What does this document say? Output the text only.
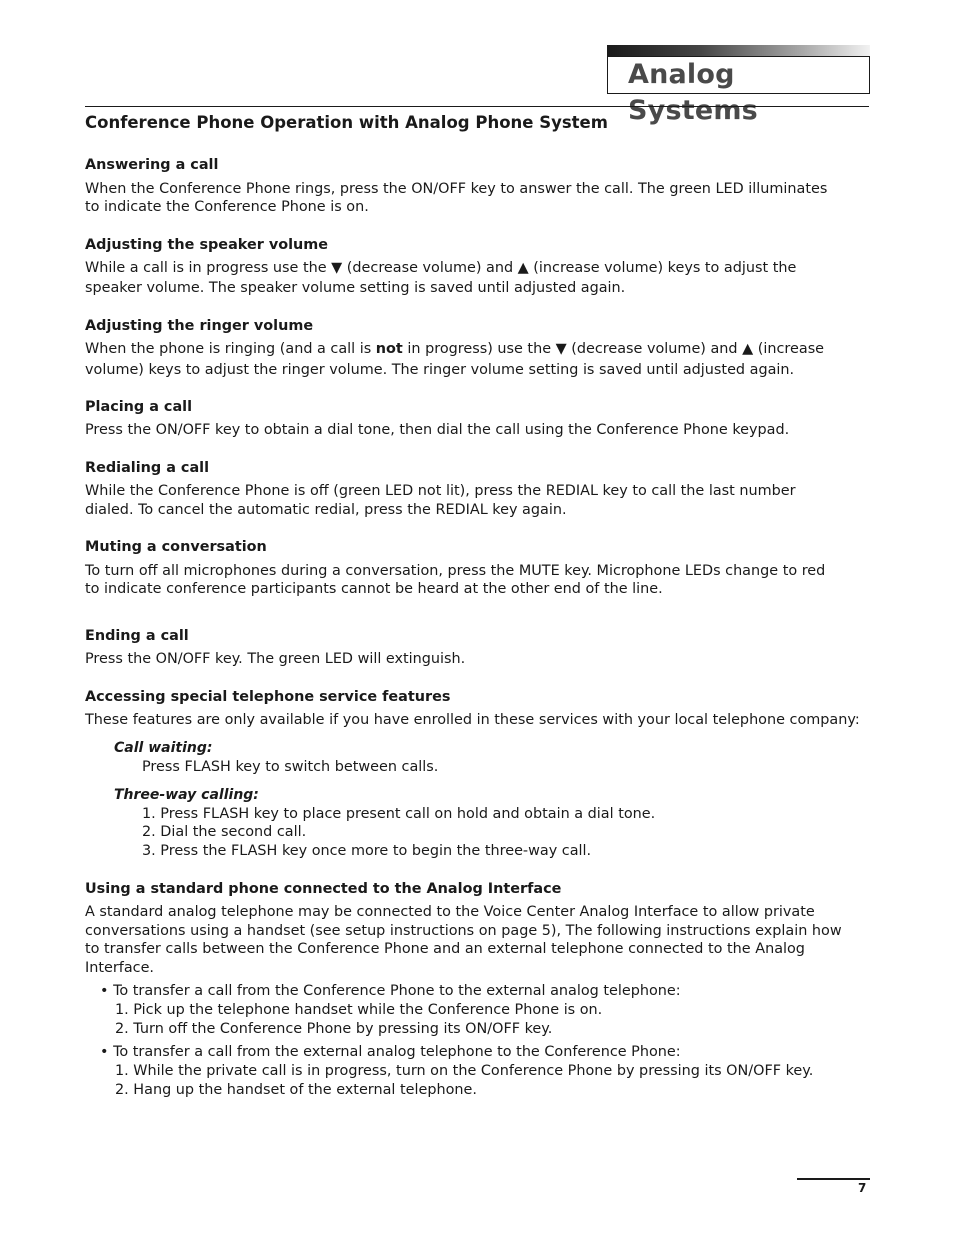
Analog Systems
Conference Phone Operation with Analog Phone System
Answering a call
When the Conference Phone rings, press the ON/OFF key to answer the call. The green LED illuminates
to indicate the Conference Phone is on.
Adjusting the speaker volume
While a call is in progress use the ▼ (decrease volume) and ▲ (increase volume) keys to adjust the
speaker volume. The speaker volume setting is saved until adjusted again.
Adjusting the ringer volume
When the phone is ringing (and a call is not in progress) use the ▼ (decrease volume) and ▲ (increase
volume) keys to adjust the ringer volume. The ringer volume setting is saved until adjusted again.
Placing a call
Press the ON/OFF key to obtain a dial tone, then dial the call using the Conference Phone keypad.
Redialing a call
While the Conference Phone is off (green LED not lit), press the REDIAL key to call the last number
dialed. To cancel the automatic redial, press the REDIAL key again.
Muting a conversation
To turn off all microphones during a conversation, press the MUTE key. Microphone LEDs change to red
to indicate conference participants cannot be heard at the other end of the line.
Ending a call
Press the ON/OFF key. The green LED will extinguish.
Accessing special telephone service features
These features are only available if you have enrolled in these services with your local telephone company:
Call waiting:
Press FLASH key to switch between calls.
Three-way calling:
1. Press FLASH key to place present call on hold and obtain a dial tone.
2. Dial the second call.
3. Press the FLASH key once more to begin the three-way call.
Using a standard phone connected to the Analog Interface
A standard analog telephone may be connected to the Voice Center Analog Interface to allow private
conversations using a handset (see setup instructions on page 5), The following instructions explain how
to transfer calls between the Conference Phone and an external telephone connected to the Analog
Interface.
• To transfer a call from the Conference Phone to the external analog telephone:
1. Pick up the telephone handset while the Conference Phone is on.
2. Turn off the Conference Phone by pressing its ON/OFF key.
• To transfer a call from the external analog telephone to the Conference Phone:
1. While the private call is in progress, turn on the Conference Phone by pressing its ON/OFF key.
2. Hang up the handset of the external telephone.
7
